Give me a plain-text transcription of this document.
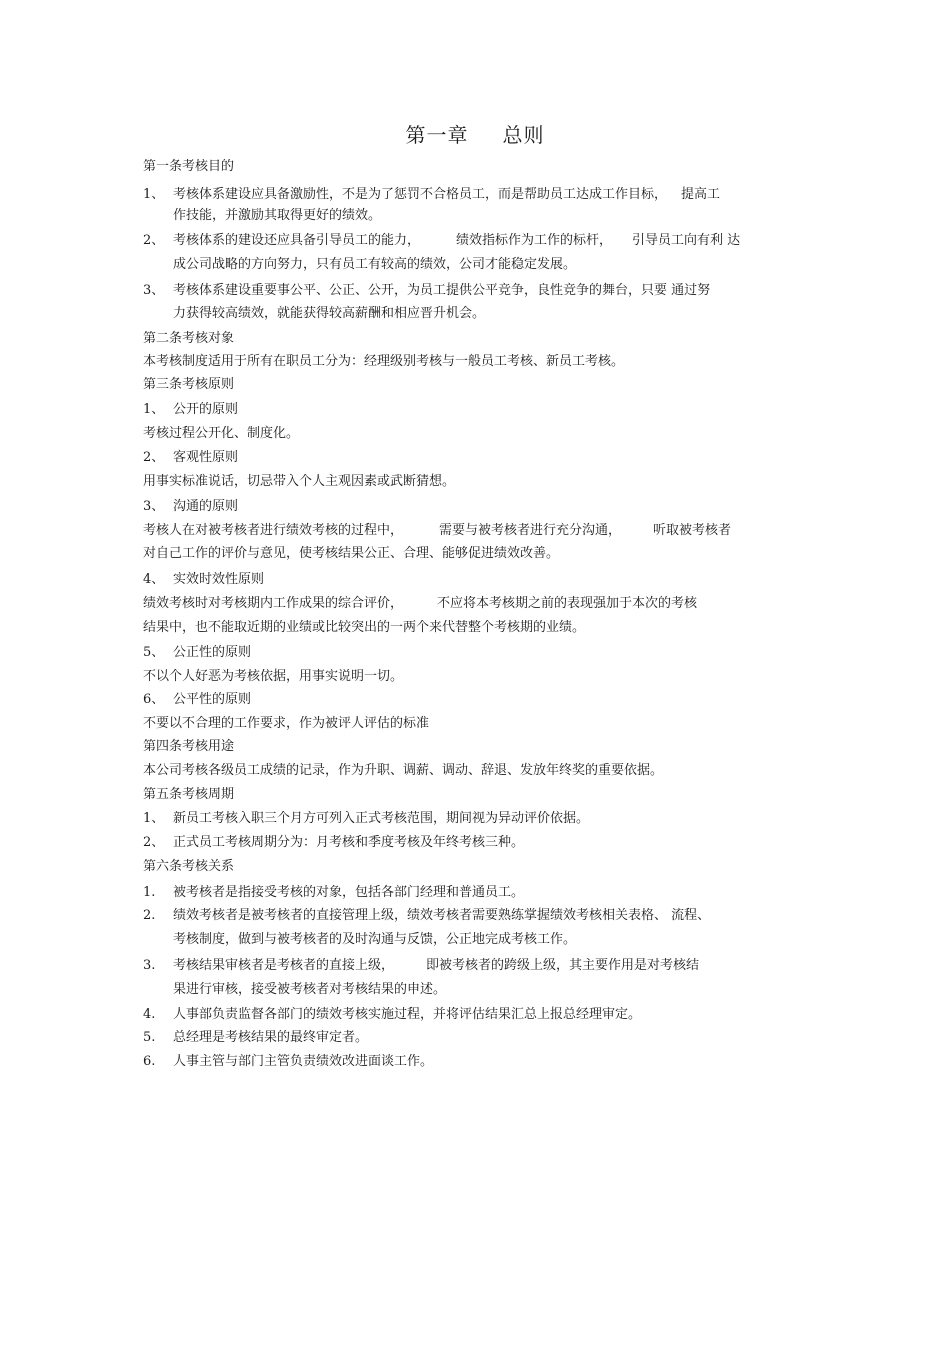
第一章 总则
第一条考核目的
1、 考核体系建设应具备激励性，不是为了惩罚不合格员工，而是帮助员工达成工作目标， 提高工
作技能，并激励其取得更好的绩效。
2、 考核体系的建设还应具备引导员工的能力，	绩效指标作为工作的标杆， 引导员工向有利 达
成公司战略的方向努力，只有员工有较高的绩效，公司才能稳定发展。
3、 考核体系建设重要事公平、公正、公开，为员工提供公平竞争，良性竞争的舞台，只要 通过努
力获得较高绩效，就能获得较高薪酬和相应晋升机会。
第二条考核对象
本考核制度适用于所有在职员工分为：经理级别考核与一般员工考核、新员工考核。
第三条考核原则
1、 公开的原则
考核过程公开化、制度化。
2、 客观性原则
用事实标准说话，切忌带入个人主观因素或武断猜想。
3、 沟通的原则
考核人在对被考核者进行绩效考核的过程中，	需要与被考核者进行充分沟通， 听取被考核者
对自己工作的评价与意见，使考核结果公正、合理、能够促进绩效改善。
4、 实效时效性原则
绩效考核时对考核期内工作成果的综合评价，	不应将本考核期之前的表现强加于本次的考核
结果中，也不能取近期的业绩或比较突出的一两个来代替整个考核期的业绩。
5、 公正性的原则
不以个人好恶为考核依据，用事实说明一切。
6、 公平性的原则
不要以不合理的工作要求，作为被评人评估的标准
第四条考核用途
本公司考核各级员工成绩的记录，作为升职、调薪、调动、辞退、发放年终奖的重要依据。
第五条考核周期
1、 新员工考核入职三个月方可列入正式考核范围，期间视为异动评价依据。
2、 正式员工考核周期分为：月考核和季度考核及年终考核三种。
第六条考核关系
1. 被考核者是指接受考核的对象，包括各部门经理和普通员工。
2. 绩效考核者是被考核者的直接管理上级，绩效考核者需要熟练掌握绩效考核相关表格、 流程、
考核制度，做到与被考核者的及时沟通与反馈，公正地完成考核工作。
3. 考核结果审核者是考核者的直接上级， 即被考核者的跨级上级，其主要作用是对考核结
果进行审核，接受被考核者对考核结果的申述。
4. 人事部负责监督各部门的绩效考核实施过程，并将评估结果汇总上报总经理审定。
5. 总经理是考核结果的最终审定者。
6. 人事主管与部门主管负责绩效改进面谈工作。
